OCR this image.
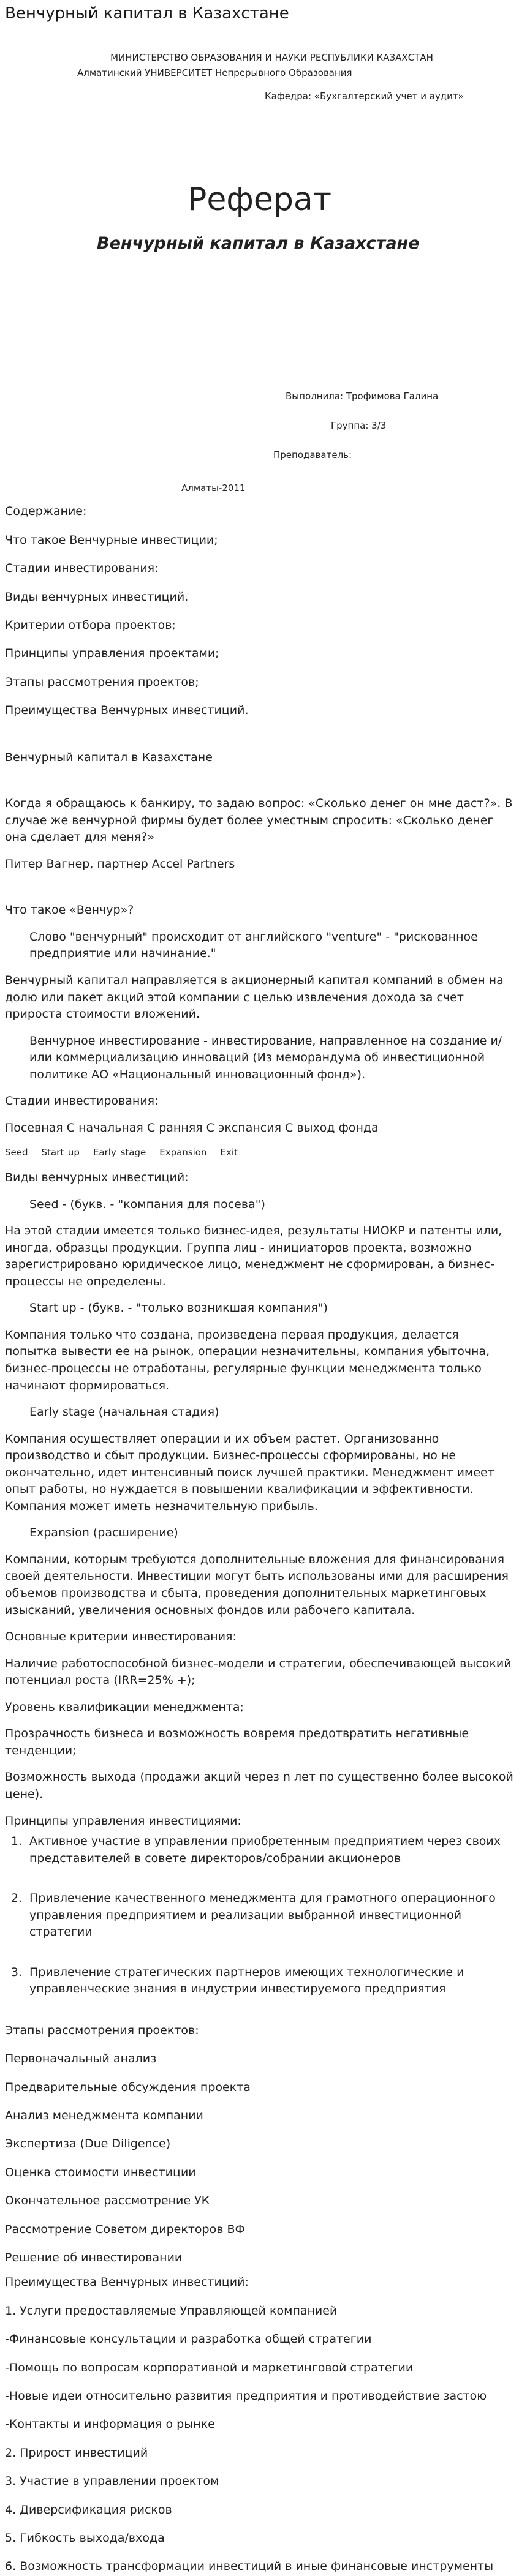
Венчурный капитал в Казахстане

МИНИСТЕРСТВО ОБРАЗОВАНИЯ И НАУКИ РЕСПУБЛИКИ КАЗАХСТАН

Алматинский УНИВЕРСИТЕТ Непрерывного Образования

Кафедра: «Бухгалтерский учет и аудит»

Реферат
Венчурный капитал в Казахстане

Выполнила: Трофимова Галина

Группа: 3/3

Преподаватель:

Алматы-2011

Содержание:

Что такое Венчурные инвестиции;

Стадии инвестирования:

Виды венчурных инвестиций.

Критерии отбора проектов;

Принципы управления проектами;

Этапы рассмотрения проектов;

Преимущества Венчурных инвестиций.

Венчурный капитал в Казахстане

Когда я обращаюсь к банкиру, то задаю вопрос: «Сколько денег он мне даст?». В случае же венчурной фирмы будет более уместным спросить: «Сколько денег она сделает для меня?»

Питер Вагнер, партнер Accel Partners

Что такое «Венчур»?

Слово "венчурный" происходит от английского "venture" - "рискованное предприятие или начинание."

Венчурный капитал направляется в акционерный капитал компаний в обмен на долю или пакет акций этой компании с целью извлечения дохода за счет прироста стоимости вложений.

Венчурное инвестирование - инвестирование, направленное на создание и/или коммерциализацию инноваций (Из меморандума об инвестиционной политике АО «Национальный инновационный фонд»).

Стадии инвестирования:

Посевная С начальная С ранняя С экспансия С выход фонда

Seed Start up Early stage Expansion Exit

Виды венчурных инвестиций:

Seed - (букв. - "компания для посева")

На этой стадии имеется только бизнес-идея, результаты НИОКР и патенты или, иногда, образцы продукции. Группа лиц - инициаторов проекта, возможно зарегистрировано юридическое лицо, менеджмент не сформирован, а бизнес-процессы не определены.

Start up - (букв. - "только возникшая компания")

Компания только что создана, произведена первая продукция, делается попытка вывести ее на рынок, операции незначительны, компания убыточна, бизнес-процессы не отработаны, регулярные функции менеджмента только начинают формироваться.

Early stage (начальная стадия)

Компания осуществляет операции и их объем растет. Организованно производство и сбыт продукции. Бизнес-процессы сформированы, но не окончательно, идет интенсивный поиск лучшей практики. Менеджмент имеет опыт работы, но нуждается в повышении квалификации и эффективности. Компания может иметь незначительную прибыль.

Expansion (расширение)

Компании, которым требуются дополнительные вложения для финансирования своей деятельности. Инвестиции могут быть использованы ими для расширения объемов производства и сбыта, проведения дополнительных маркетинговых изысканий, увеличения основных фондов или рабочего капитала.

Основные критерии инвестирования:

Наличие работоспособной бизнес-модели и стратегии, обеспечивающей высокий потенциал роста (IRR=25% +);

Уровень квалификации менеджмента;

Прозрачность бизнеса и возможность вовремя предотвратить негативные тенденции;

Возможность выхода (продажи акций через n лет по существенно более высокой цене).

Принципы управления инвестициями:

1. Активное участие в управлении приобретенным предприятием через своих представителей в совете директоров/собрании акционеров
2. Привлечение качественного менеджмента для грамотного операционного управления предприятием и реализации выбранной инвестиционной стратегии
3. Привлечение стратегических партнеров имеющих технологические и управленческие знания в индустрии инвестируемого предприятия

Этапы рассмотрения проектов:

Первоначальный анализ

Предварительные обсуждения проекта

Анализ менеджмента компании

Экспертиза (Due Diligence)

Оценка стоимости инвестиции

Окончательное рассмотрение УК

Рассмотрение Советом директоров ВФ

Решение об инвестировании

Преимущества Венчурных инвестиций:

1. Услуги предоставляемые Управляющей компанией

-Финансовые консультации и разработка общей стратегии

-Помощь по вопросам корпоративной и маркетинговой стратегии

-Новые идеи относительно развития предприятия и противодействие застою

-Контакты и информация о рынке

2. Прирост инвестиций

3. Участие в управлении проектом

4. Диверсификация рисков

5. Гибкость выхода/входа

6. Возможность трансформации инвестиций в иные финансовые инструменты
